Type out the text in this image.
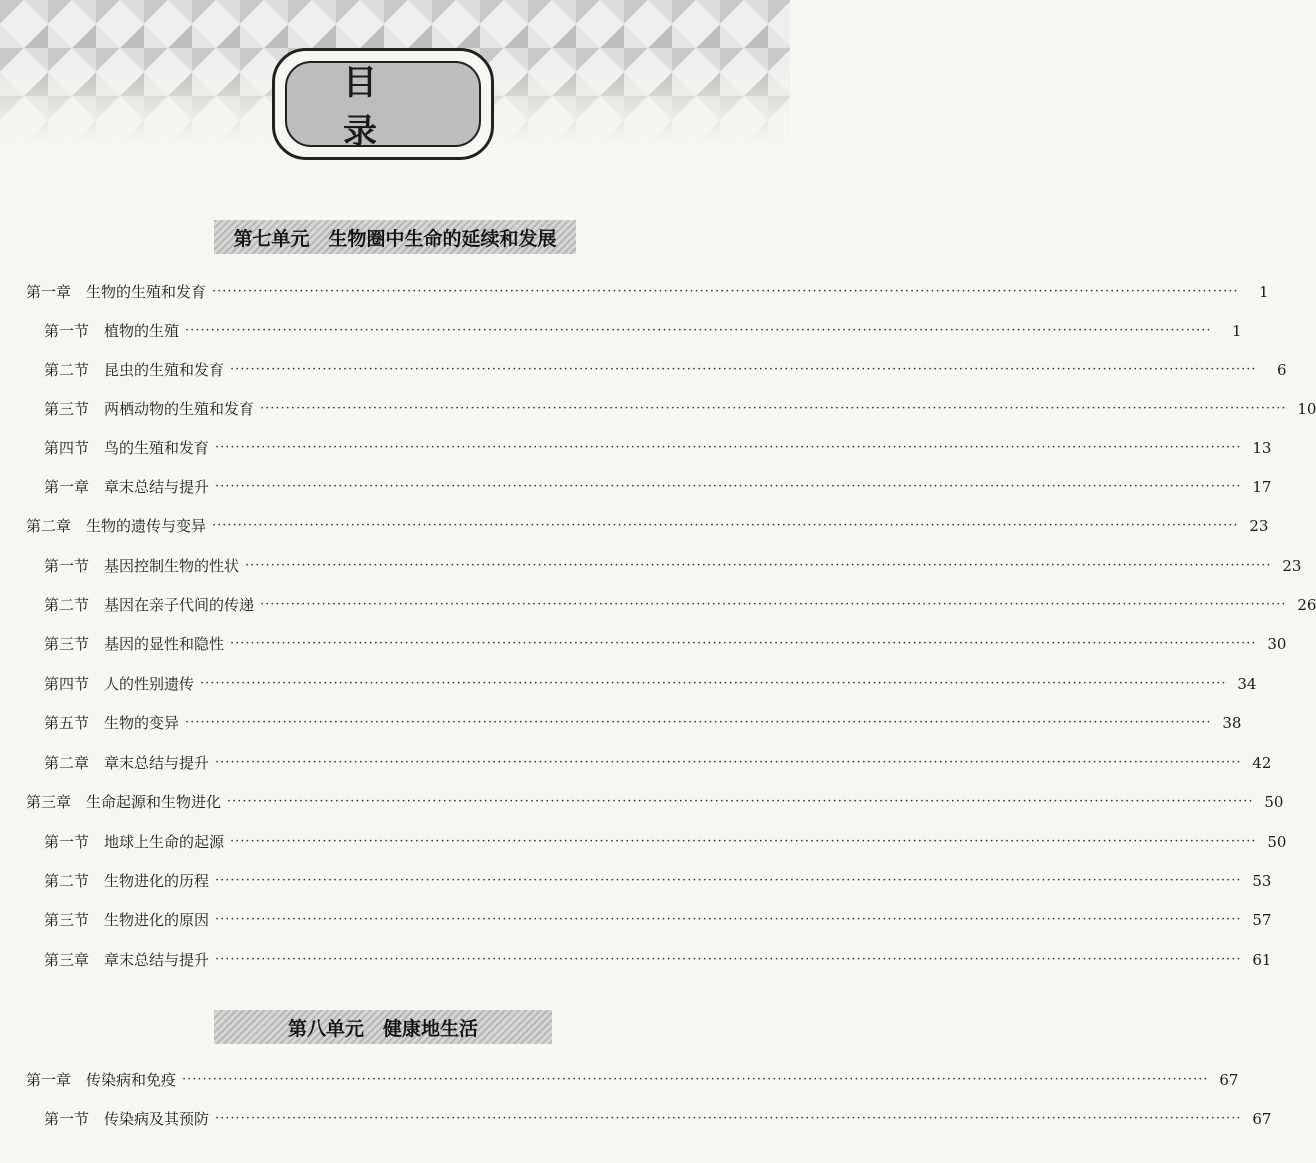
目录
第七单元　生物圈中生命的延续和发展
第八单元　健康地生活
第一章　生物的生殖和发育 ········································································································································································································	1
第一节　植物的生殖 ········································································································································································································	1
第二节　昆虫的生殖和发育 ········································································································································································································	6
第三节　两栖动物的生殖和发育 ········································································································································································································ 10
第四节　鸟的生殖和发育 ········································································································································································································ 13
第一章　章末总结与提升 ········································································································································································································ 17
第二章　生物的遗传与变异 ········································································································································································································ 23
第一节　基因控制生物的性状 ········································································································································································································ 23
第二节　基因在亲子代间的传递 ········································································································································································································ 26
第三节　基因的显性和隐性 ········································································································································································································ 30
第四节　人的性别遗传 ········································································································································································································ 34
第五节　生物的变异 ········································································································································································································ 38
第二章　章末总结与提升 ········································································································································································································ 42
第三章　生命起源和生物进化 ········································································································································································································ 50
第一节　地球上生命的起源 ········································································································································································································ 50
第二节　生物进化的历程 ········································································································································································································ 53
第三节　生物进化的原因 ········································································································································································································ 57
第三章　章末总结与提升 ········································································································································································································ 61
第一章　传染病和免疫 ········································································································································································································ 67
第一节　传染病及其预防 ········································································································································································································ 67
